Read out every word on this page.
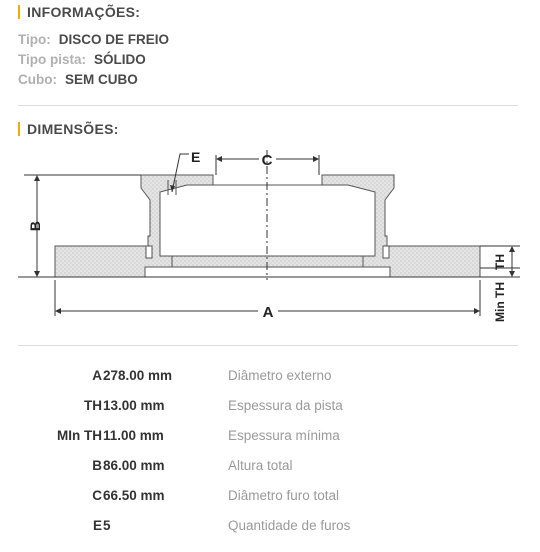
INFORMAÇÕES:
Tipo: DISCO DE FREIO
Tipo pista: SÓLIDO
Cubo: SEM CUBO
DIMENSÕES:
B
A
C
E
TH
Min TH
A 278.00 mm	Diâmetro externo
TH 13.00 mm	Espessura da pista
MIn TH 11.00 mm	Espessura mínima
B 86.00 mm	Altura total
C 66.50 mm	Diâmetro furo total
E 5	Quantidade de furos
